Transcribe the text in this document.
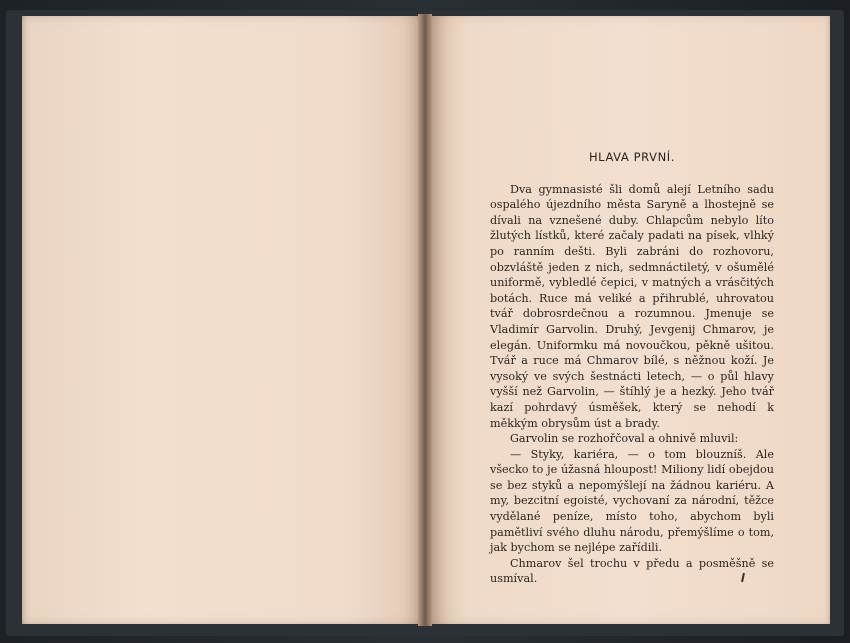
HLAVA PRVNÍ.

Dva gymnasisté šli domů alejí Letního sadu ospalého újezdního města Saryně a lhostejně se dívali na vznešené duby. Chlapcům nebylo líto žlutých lístků, které začaly padati na písek, vlhký po ranním dešti. Byli zabráni do rozhovoru, obzvláště jeden z nich, sedmnáctiletý, v ošumělé uniformě, vybledlé čepici, v matných a vrásčitých botách. Ruce má veliké a přihrublé, uhrovatou tvář dobrosrdečnou a rozumnou. Jmenuje se Vladimír Garvolin. Druhý, Jevgenij Chmarov, je elegán. Uniformku má novoučkou, pěkně ušitou. Tvář a ruce má Chmarov bílé, s něžnou koží. Je vysoký ve svých šestnácti letech, — o půl hlavy vyšší než Garvolin, — štíhlý je a hezký. Jeho tvář kazí pohrdavý úsměšek, který se nehodí k měkkým obrysům úst a brady.

Garvolin se rozhořčoval a ohnivě mluvil:

— Styky, kariéra, — o tom blouzníš. Ale všecko to je úžasná hloupost! Miliony lidí obejdou se bez styků a nepomýšlejí na žádnou kariéru. A my, bezcitní egoisté, vychovaní za národní, těžce vydělané peníze, místo toho, abychom byli pamětliví svého dluhu národu, přemýšlíme o tom, jak bychom se nejlépe zařídili.

Chmarov šel trochu v předu a posměšně se usmíval.
